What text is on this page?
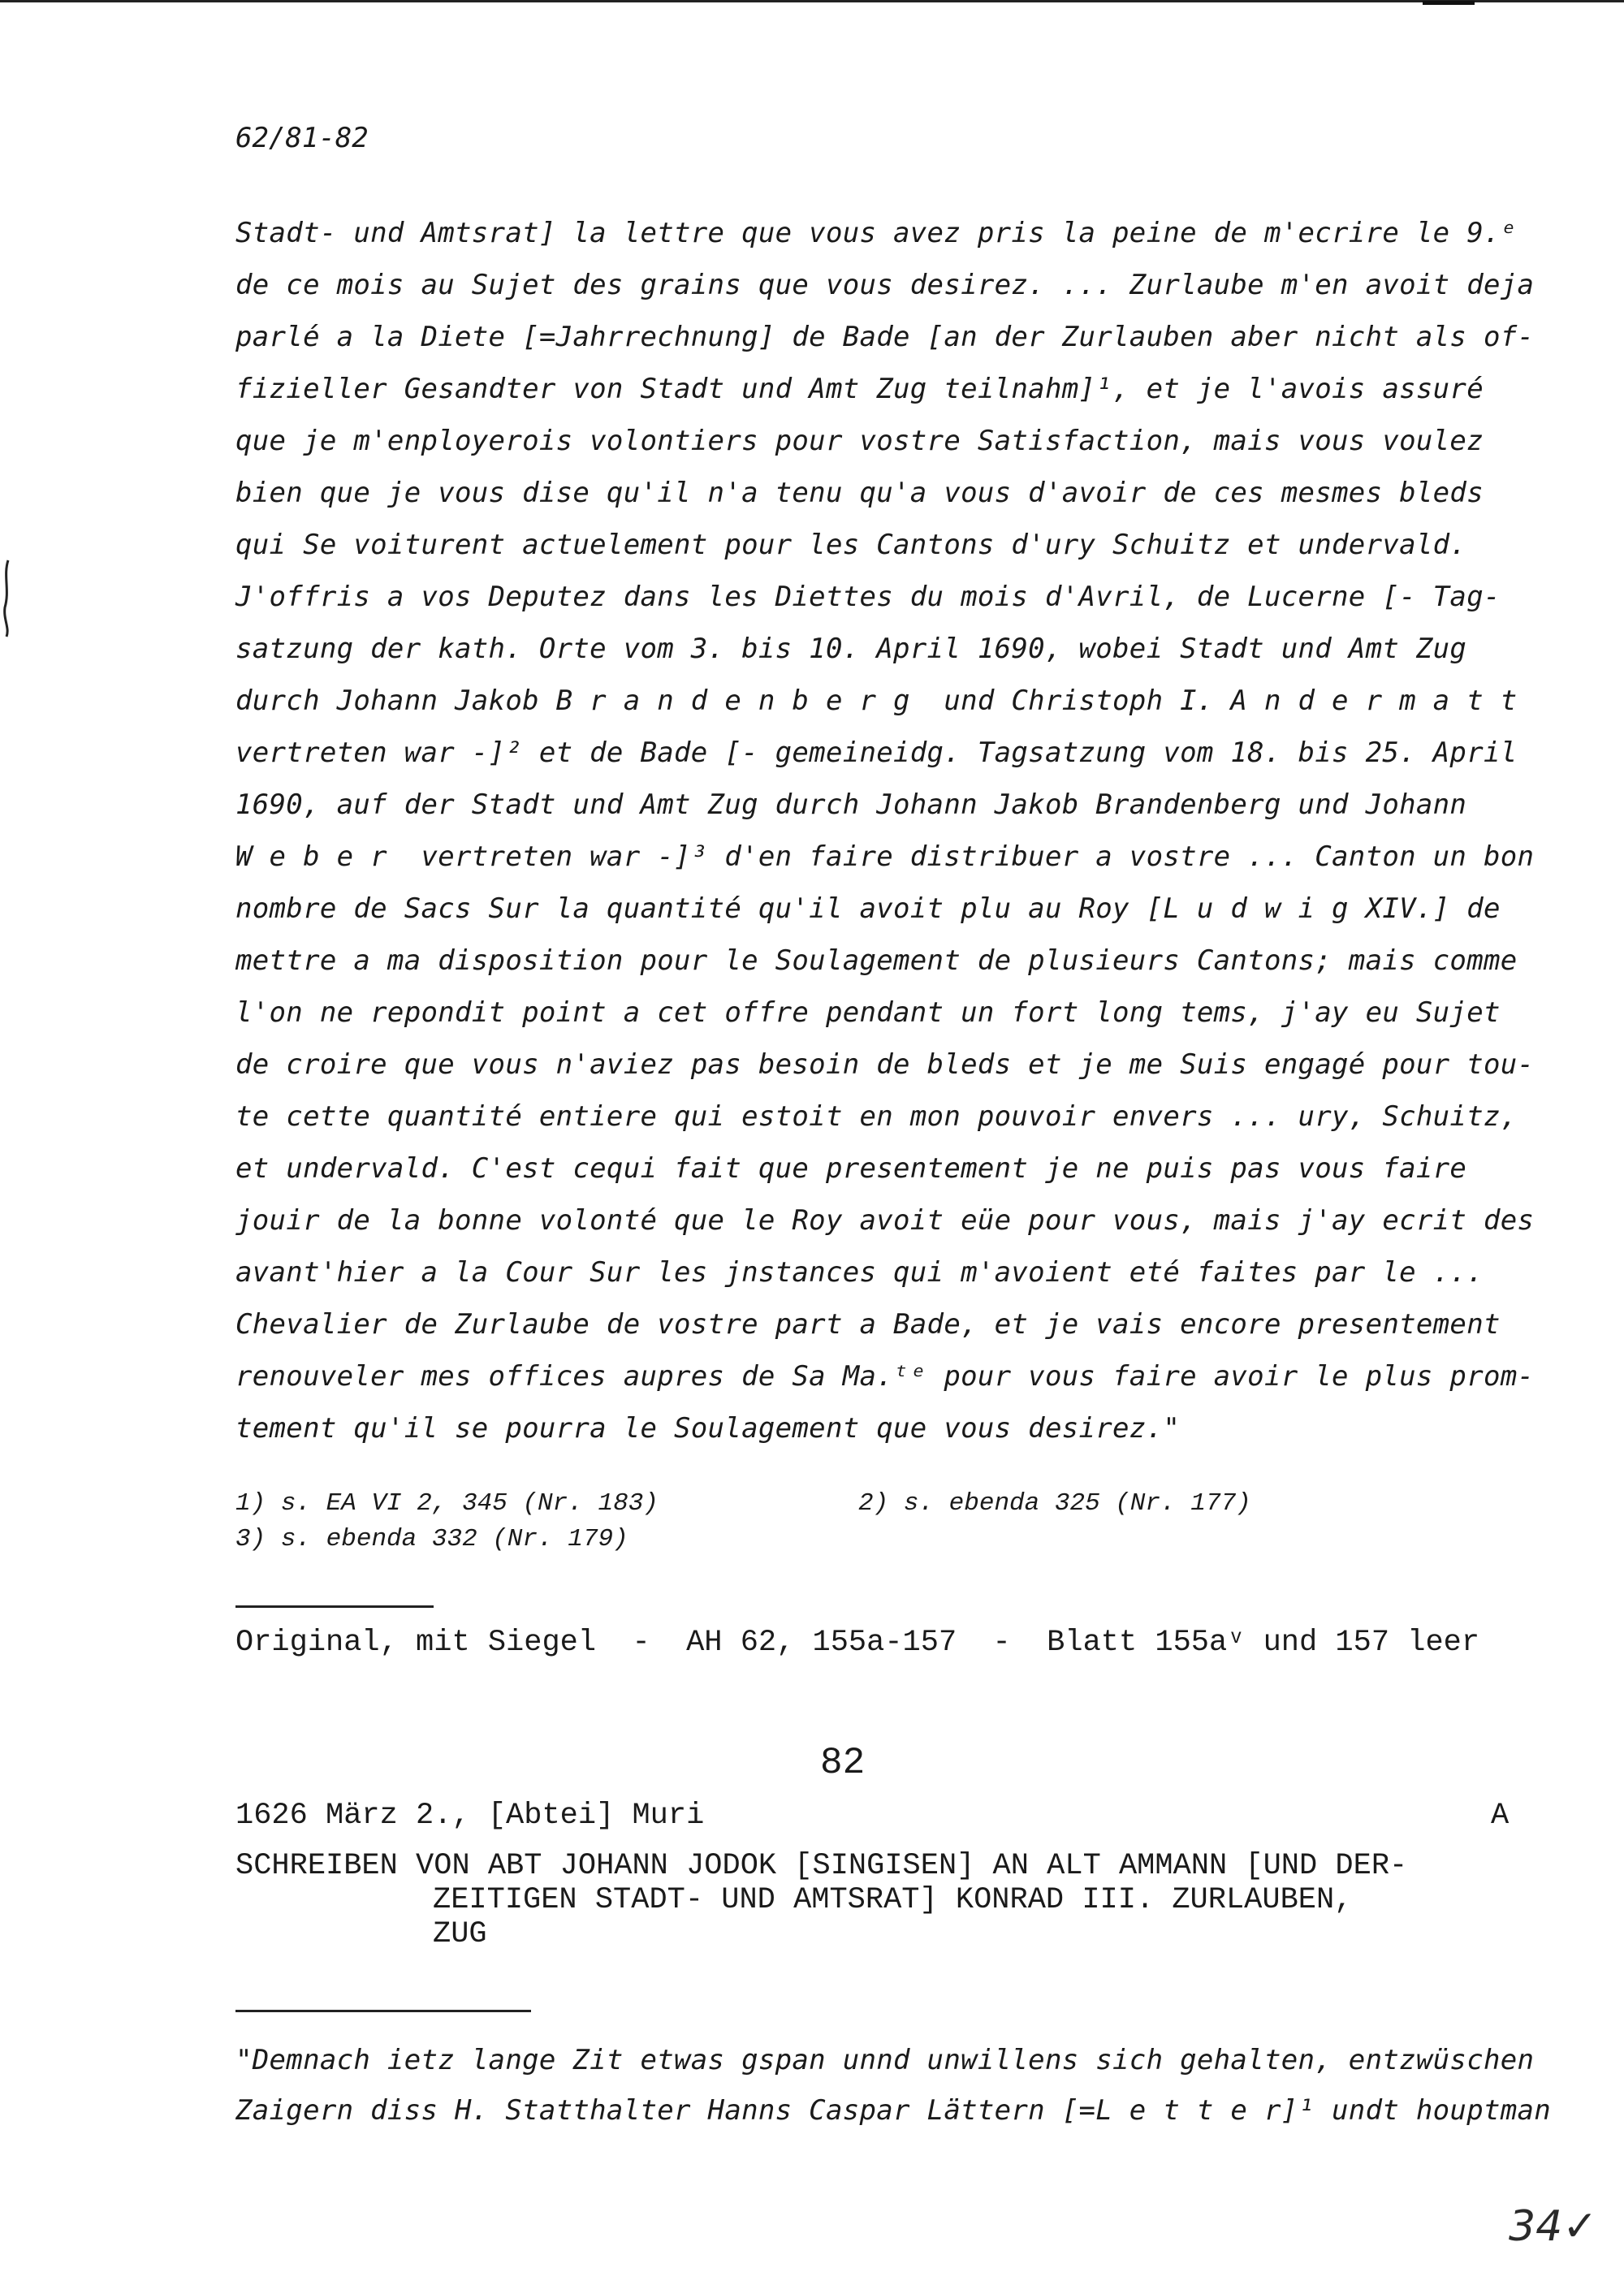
62/81-82

Stadt- und Amtsrat] la lettre que vous avez pris la peine de m'ecrire le 9.ᵉ

de ce mois au Sujet des grains que vous desirez. ... Zurlaube m'en avoit deja

parlé a la Diete [=Jahrrechnung] de Bade [an der Zurlauben aber nicht als of-

fizieller Gesandter von Stadt und Amt Zug teilnahm]¹, et je l'avois assuré

que je m'enployerois volontiers pour vostre Satisfaction, mais vous voulez

bien que je vous dise qu'il n'a tenu qu'a vous d'avoir de ces mesmes bleds

qui Se voiturent actuelement pour les Cantons d'ury Schuitz et undervald.

J'offris a vos Deputez dans les Diettes du mois d'Avril, de Lucerne [- Tag-

satzung der kath. Orte vom 3. bis 10. April 1690, wobei Stadt und Amt Zug

durch Johann Jakob B r a n d e n b e r g  und Christoph I. A n d e r m a t t

vertreten war -]² et de Bade [- gemeineidg. Tagsatzung vom 18. bis 25. April

1690, auf der Stadt und Amt Zug durch Johann Jakob Brandenberg und Johann

W e b e r  vertreten war -]³ d'en faire distribuer a vostre ... Canton un bon

nombre de Sacs Sur la quantité qu'il avoit plu au Roy [L u d w i g XIV.] de

mettre a ma disposition pour le Soulagement de plusieurs Cantons; mais comme

l'on ne repondit point a cet offre pendant un fort long tems, j'ay eu Sujet

de croire que vous n'aviez pas besoin de bleds et je me Suis engagé pour tou-

te cette quantité entiere qui estoit en mon pouvoir envers ... ury, Schuitz,

et undervald. C'est cequi fait que presentement je ne puis pas vous faire

jouir de la bonne volonté que le Roy avoit eüe pour vous, mais j'ay ecrit des

avant'hier a la Cour Sur les jnstances qui m'avoient eté faites par le ...

Chevalier de Zurlaube de vostre part a Bade, et je vais encore presentement

renouveler mes offices aupres de Sa Ma.ᵗᵉ pour vous faire avoir le plus prom-

tement qu'il se pourra le Soulagement que vous desirez."

1) s. EA VI 2, 345 (Nr. 183)	2) s. ebenda 325 (Nr. 177)

3) s. ebenda 332 (Nr. 179)

Original, mit Siegel  -  AH 62, 155a-157  -  Blatt 155aᵛ und 157 leer

82

1626 März 2., [Abtei] Muri	A

SCHREIBEN VON ABT JOHANN JODOK [SINGISEN] AN ALT AMMANN [UND DER-

ZEITIGEN STADT- UND AMTSRAT] KONRAD III. ZURLAUBEN,

ZUG

"Demnach ietz lange Zit etwas gspan unnd unwillens sich gehalten, entzwüschen

Zaigern diss H. Statthalter Hanns Caspar Lättern [=L e t t e r]¹ undt houptman

34✓
